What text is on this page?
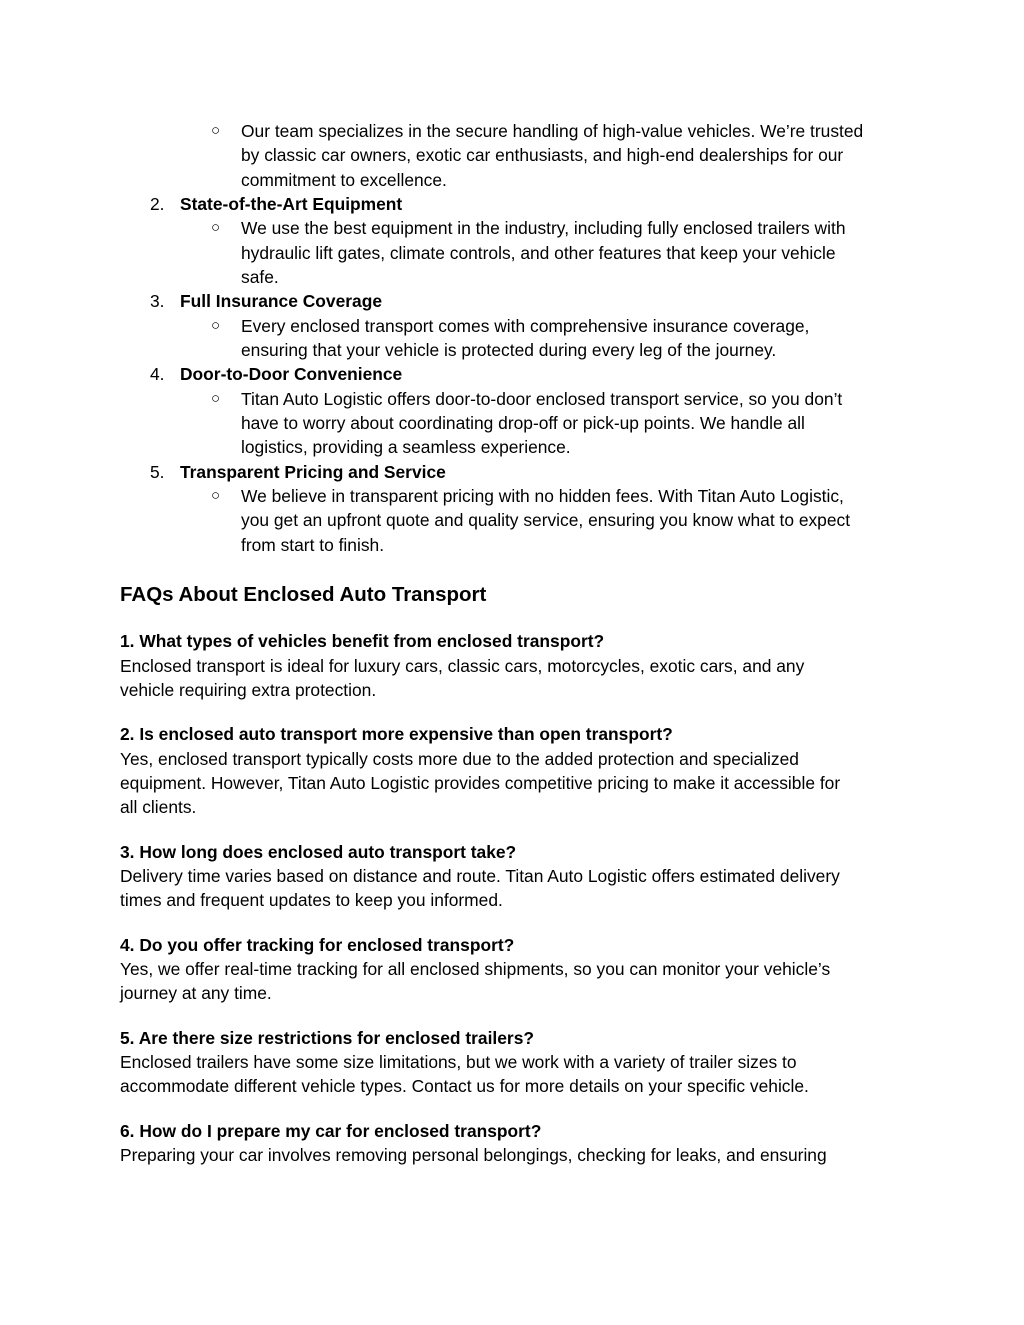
○ Our team specializes in the secure handling of high-value vehicles. We’re trusted
by classic car owners, exotic car enthusiasts, and high-end dealerships for our
commitment to excellence.
2. State-of-the-Art Equipment
○ We use the best equipment in the industry, including fully enclosed trailers with
hydraulic lift gates, climate controls, and other features that keep your vehicle
safe.
3. Full Insurance Coverage
○ Every enclosed transport comes with comprehensive insurance coverage,
ensuring that your vehicle is protected during every leg of the journey.
4. Door-to-Door Convenience
○ Titan Auto Logistic offers door-to-door enclosed transport service, so you don’t
have to worry about coordinating drop-off or pick-up points. We handle all
logistics, providing a seamless experience.
5. Transparent Pricing and Service
○ We believe in transparent pricing with no hidden fees. With Titan Auto Logistic,
you get an upfront quote and quality service, ensuring you know what to expect
from start to finish.
FAQs About Enclosed Auto Transport
1. What types of vehicles benefit from enclosed transport?
Enclosed transport is ideal for luxury cars, classic cars, motorcycles, exotic cars, and any
vehicle requiring extra protection.
2. Is enclosed auto transport more expensive than open transport?
Yes, enclosed transport typically costs more due to the added protection and specialized
equipment. However, Titan Auto Logistic provides competitive pricing to make it accessible for
all clients.
3. How long does enclosed auto transport take?
Delivery time varies based on distance and route. Titan Auto Logistic offers estimated delivery
times and frequent updates to keep you informed.
4. Do you offer tracking for enclosed transport?
Yes, we offer real-time tracking for all enclosed shipments, so you can monitor your vehicle’s
journey at any time.
5. Are there size restrictions for enclosed trailers?
Enclosed trailers have some size limitations, but we work with a variety of trailer sizes to
accommodate different vehicle types. Contact us for more details on your specific vehicle.
6. How do I prepare my car for enclosed transport?
Preparing your car involves removing personal belongings, checking for leaks, and ensuring
